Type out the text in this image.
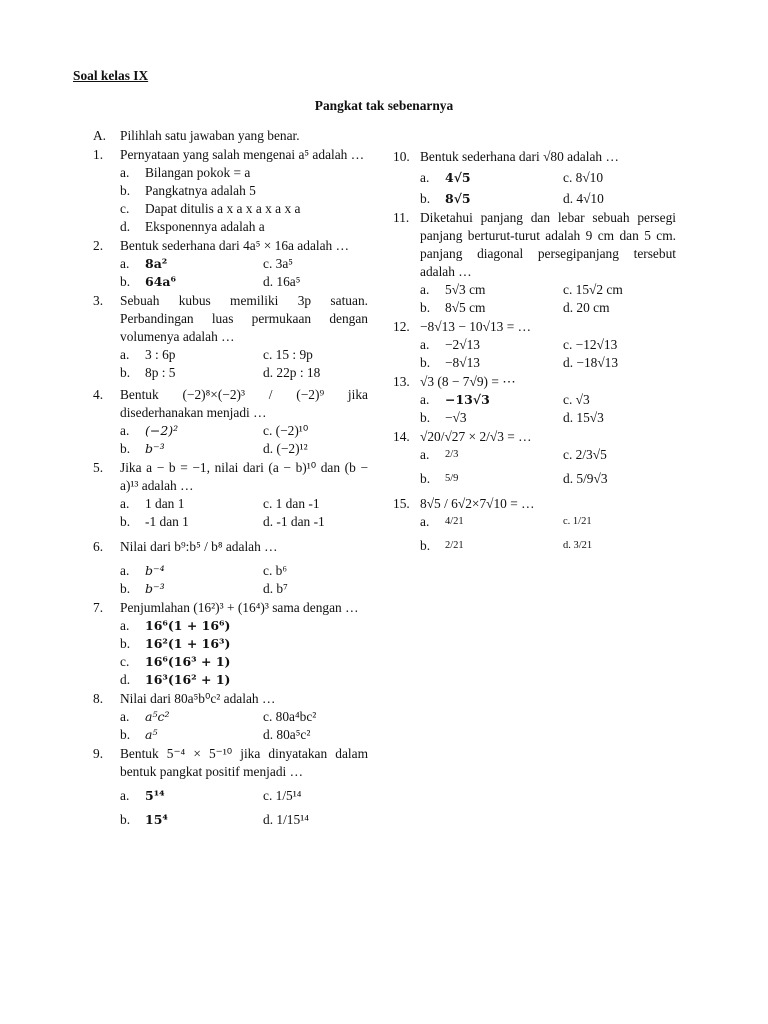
Soal kelas IX
Pangkat tak sebenarnya
A. Pilihlah satu jawaban yang benar.
1. Pernyataan yang salah mengenai a⁵ adalah …
a.	Bilangan pokok = a
b.	Pangkatnya adalah 5
c.	Dapat ditulis a x a x a x a x a
d.	Eksponennya adalah a
2. Bentuk sederhana dari 4a⁵ × 16a adalah …
a.	8a²	c. 3a⁵
b.	64a⁶	d. 16a⁵
3. Sebuah kubus memiliki 3p satuan. Perbandingan luas permukaan dengan volumenya adalah …
a.	3 : 6p	c. 15 : 9p
b.	8p : 5	d. 22p : 18
4. Bentuk (−2)⁸×(−2)³ / (−2)⁹ jika disederhanakan menjadi …
a.	(−2)²	c. (−2)¹⁰
b.	b⁻³	d. (−2)¹²
5. Jika a − b = −1, nilai dari (a − b)¹⁰ dan (b − a)¹³ adalah …
a.	1 dan 1	c. 1 dan -1
b.	-1 dan 1	d. -1 dan -1
6. Nilai dari b⁹:b⁵ / b⁸ adalah …
a.	b⁻⁴	c. b⁶
b.	b⁻³	d. b⁷
7. Penjumlahan (16²)³ + (16⁴)³ sama dengan …
a.	16⁶(1 + 16⁶)
b.	16²(1 + 16³)
c.	16⁶(16³ + 1)
d.	16³(16² + 1)
8. Nilai dari 80a⁵b⁰c² adalah …
a.	a⁵c²	c. 80a⁴bc²
b.	a⁵	d. 80a⁵c²
9. Bentuk 5⁻⁴ × 5⁻¹⁰ jika dinyatakan dalam bentuk pangkat positif menjadi …
a.	5¹⁴	c. 1/5¹⁴
b.	15⁴	d. 1/15¹⁴
10. Bentuk sederhana dari √80 adalah …
a.	4√5	c. 8√10
b.	8√5	d. 4√10
11. Diketahui panjang dan lebar sebuah persegi panjang berturut-turut adalah 9 cm dan 5 cm. panjang diagonal persegipanjang tersebut adalah …
a.	5√3 cm	c. 15√2 cm
b.	8√5 cm	d. 20 cm
12. −8√13 − 10√13 = …
a.	−2√13	c. −12√13
b.	−8√13	d. −18√13
13. √3 (8 − 7√9) = ⋯
a.	−13√3	c. √3
b.	−√3	d. 15√3
14. √20/√27 × 2/√3 = …
a.	2/3	c. 2/3√5
b.	5/9	d. 5/9√3
15. 8√5 / 6√2×7√10 = …
a.	4/21	c. 1/21
b.	2/21	d. 3/21
